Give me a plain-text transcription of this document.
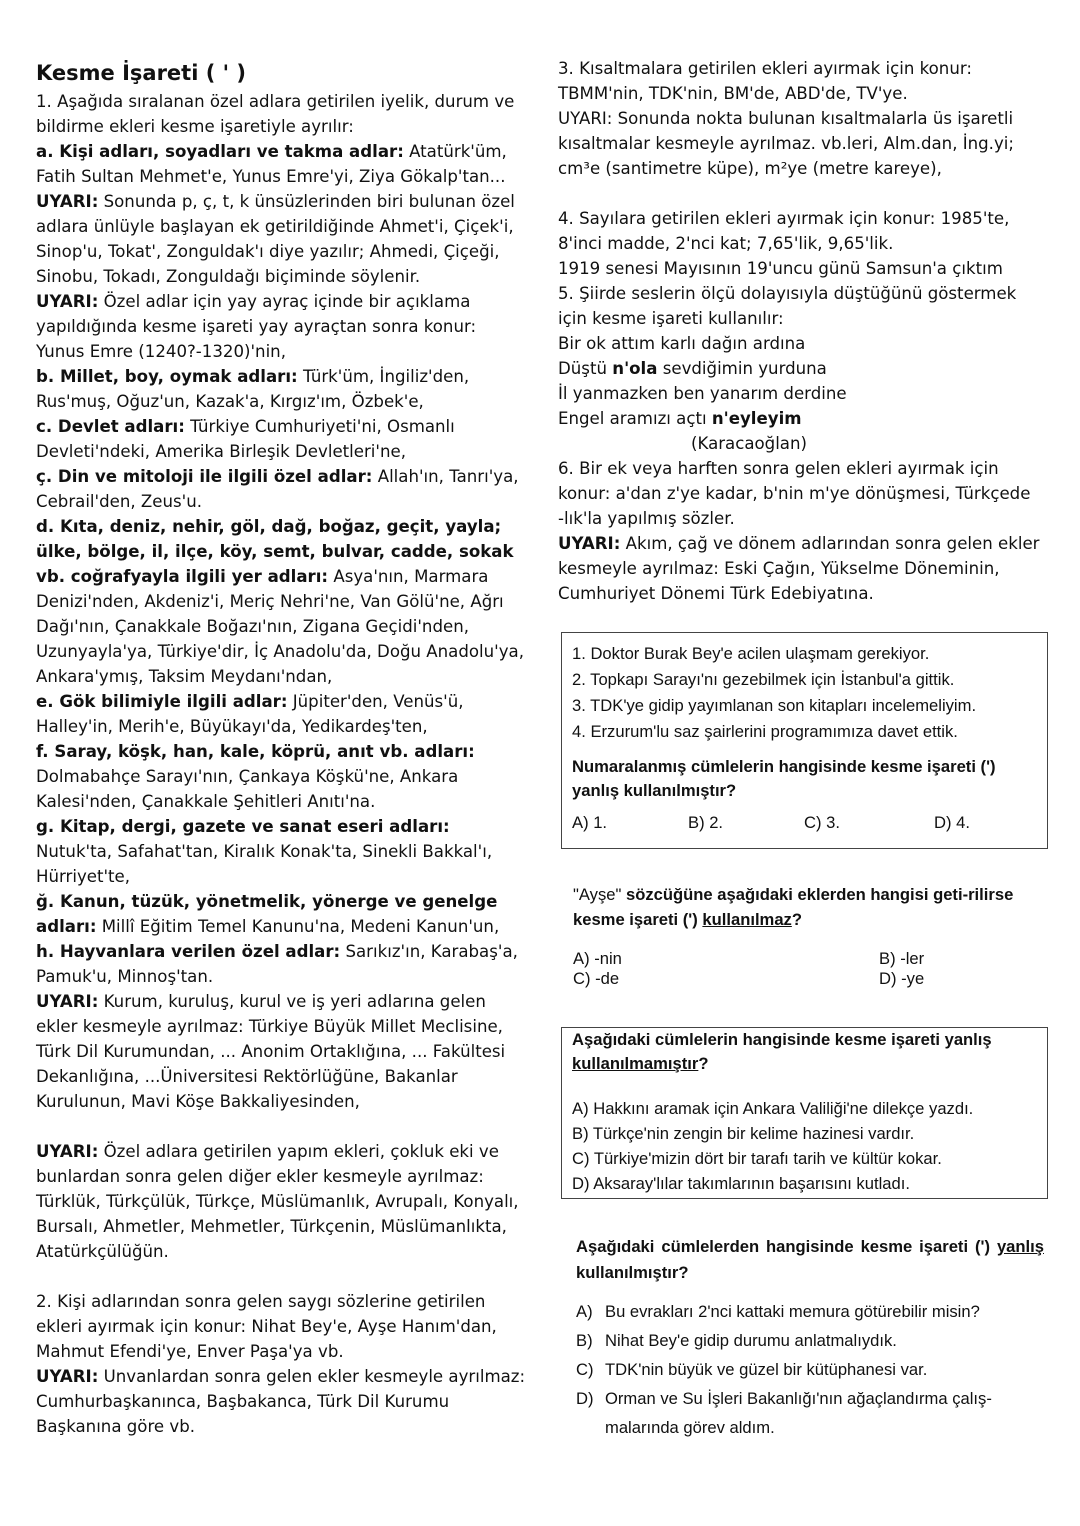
Kesme İşareti ( ' )

1. Aşağıda sıralanan özel adlara getirilen iyelik, durum ve bildirme ekleri kesme işaretiyle ayrılır:

a. Kişi adları, soyadları ve takma adlar: Atatürk'üm, Fatih Sultan Mehmet'e, Yunus Emre'yi, Ziya Gökalp'tan...

UYARI: Sonunda p, ç, t, k ünsüzlerinden biri bulunan özel adlara ünlüyle başlayan ek getirildiğinde Ahmet'i, Çiçek'i, Sinop'u, Tokat', Zonguldak'ı diye yazılır; Ahmedi, Çiçeği, Sinobu, Tokadı, Zonguldağı biçiminde söylenir.

UYARI: Özel adlar için yay ayraç içinde bir açıklama yapıldığında kesme işareti yay ayraçtan sonra konur: Yunus Emre (1240?-1320)'nin,

b. Millet, boy, oymak adları: Türk'üm, İngiliz'den, Rus'muş, Oğuz'un, Kazak'a, Kırgız'ım, Özbek'e,

c. Devlet adları: Türkiye Cumhuriyeti'ni, Osmanlı Devleti'ndeki, Amerika Birleşik Devletleri'ne,

ç. Din ve mitoloji ile ilgili özel adlar: Allah'ın, Tanrı'ya, Cebrail'den, Zeus'u.

d. Kıta, deniz, nehir, göl, dağ, boğaz, geçit, yayla; ülke, bölge, il, ilçe, köy, semt, bulvar, cadde, sokak vb. coğrafyayla ilgili yer adları: Asya'nın, Marmara Denizi'nden, Akdeniz'i, Meriç Nehri'ne, Van Gölü'ne, Ağrı Dağı'nın, Çanakkale Boğazı'nın, Zigana Geçidi'nden, Uzunyayla'ya, Türkiye'dir, İç Anadolu'da, Doğu Anadolu'ya, Ankara'ymış, Taksim Meydanı'ndan,

e. Gök bilimiyle ilgili adlar: Jüpiter'den, Venüs'ü, Halley'in, Merih'e, Büyükayı'da, Yedikardeş'ten,

f. Saray, köşk, han, kale, köprü, anıt vb. adları: Dolmabahçe Sarayı'nın, Çankaya Köşkü'ne, Ankara Kalesi'nden, Çanakkale Şehitleri Anıtı'na.

g. Kitap, dergi, gazete ve sanat eseri adları: Nutuk'ta, Safahat'tan, Kiralık Konak'ta, Sinekli Bakkal'ı, Hürriyet'te,

ğ. Kanun, tüzük, yönetmelik, yönerge ve genelge adları: Millî Eğitim Temel Kanunu'na, Medeni Kanun'un,

h. Hayvanlara verilen özel adlar: Sarıkız'ın, Karabaş'a, Pamuk'u, Minnoş'tan.

UYARI: Kurum, kuruluş, kurul ve iş yeri adlarına gelen ekler kesmeyle ayrılmaz: Türkiye Büyük Millet Meclisine, Türk Dil Kurumundan, ... Anonim Ortaklığına, ... Fakültesi Dekanlığına, ...Üniversitesi Rektörlüğüne, Bakanlar Kurulunun, Mavi Köşe Bakkaliyesinden,

UYARI: Özel adlara getirilen yapım ekleri, çokluk eki ve bunlardan sonra gelen diğer ekler kesmeyle ayrılmaz: Türklük, Türkçülük, Türkçe, Müslümanlık, Avrupalı, Konyalı, Bursalı, Ahmetler, Mehmetler, Türkçenin, Müslümanlıkta, Atatürkçülüğün.

2. Kişi adlarından sonra gelen saygı sözlerine getirilen ekleri ayırmak için konur: Nihat Bey'e, Ayşe Hanım'dan, Mahmut Efendi'ye, Enver Paşa'ya vb.

UYARI: Unvanlardan sonra gelen ekler kesmeyle ayrılmaz: Cumhurbaşkanınca, Başbakanca, Türk Dil Kurumu Başkanına göre vb.

3. Kısaltmalara getirilen ekleri ayırmak için konur: TBMM'nin, TDK'nin, BM'de, ABD'de, TV'ye.

UYARI: Sonunda nokta bulunan kısaltmalarla üs işaretli kısaltmalar kesmeyle ayrılmaz. vb.leri, Alm.dan, İng.yi; cm³e (santimetre küpe), m²ye (metre kareye),

4. Sayılara getirilen ekleri ayırmak için konur: 1985'te, 8'inci madde, 2'nci kat; 7,65'lik, 9,65'lik.

1919 senesi Mayısının 19'uncu günü Samsun'a çıktım

5. Şiirde seslerin ölçü dolayısıyla düştüğünü göstermek için kesme işareti kullanılır:

Bir ok attım karlı dağın ardına

Düştü n'ola sevdiğimin yurduna

İl yanmazken ben yanarım derdine

Engel aramızı açtı n'eyleyim

(Karacaoğlan)

6. Bir ek veya harften sonra gelen ekleri ayırmak için konur: a'dan z'ye kadar, b'nin m'ye dönüşmesi, Türkçede -lık'la yapılmış sözler.

UYARI: Akım, çağ ve dönem adlarından sonra gelen ekler kesmeyle ayrılmaz: Eski Çağın, Yükselme Döneminin, Cumhuriyet Dönemi Türk Edebiyatına.

1. Doktor Burak Bey'e acilen ulaşmam gerekiyor.
2. Topkapı Sarayı'nı gezebilmek için İstanbul'a gittik.
3. TDK'ye gidip yayımlanan son kitapları incelemeliyim.
4. Erzurum'lu saz şairlerini programımıza davet ettik.
Numaralanmış cümlelerin hangisinde kesme işareti (') yanlış kullanılmıştır?
A) 1.	B) 2.	C) 3.	D) 4.
"Ayşe" sözcüğüne aşağıdaki eklerden hangisi geti-rilirse kesme işareti (') kullanılmaz?
A) -nin	B) -ler
C) -de	D) -ye
Aşağıdaki cümlelerin hangisinde kesme işareti yanlış kullanılmamıştır?
A) Hakkını aramak için Ankara Valiliği'ne dilekçe yazdı.
B) Türkçe'nin zengin bir kelime hazinesi vardır.
C) Türkiye'mizin dört bir tarafı tarih ve kültür kokar.
D) Aksaray'lılar takımlarının başarısını kutladı.
Aşağıdaki cümlelerden hangisinde kesme işareti (') yanlış kullanılmıştır?
A) Bu evrakları 2'nci kattaki memura götürebilir misin?
B) Nihat Bey'e gidip durumu anlatmalıydık.
C) TDK'nin büyük ve güzel bir kütüphanesi var.
D) Orman ve Su İşleri Bakanlığı'nın ağaçlandırma çalış-malarında görev aldım.
